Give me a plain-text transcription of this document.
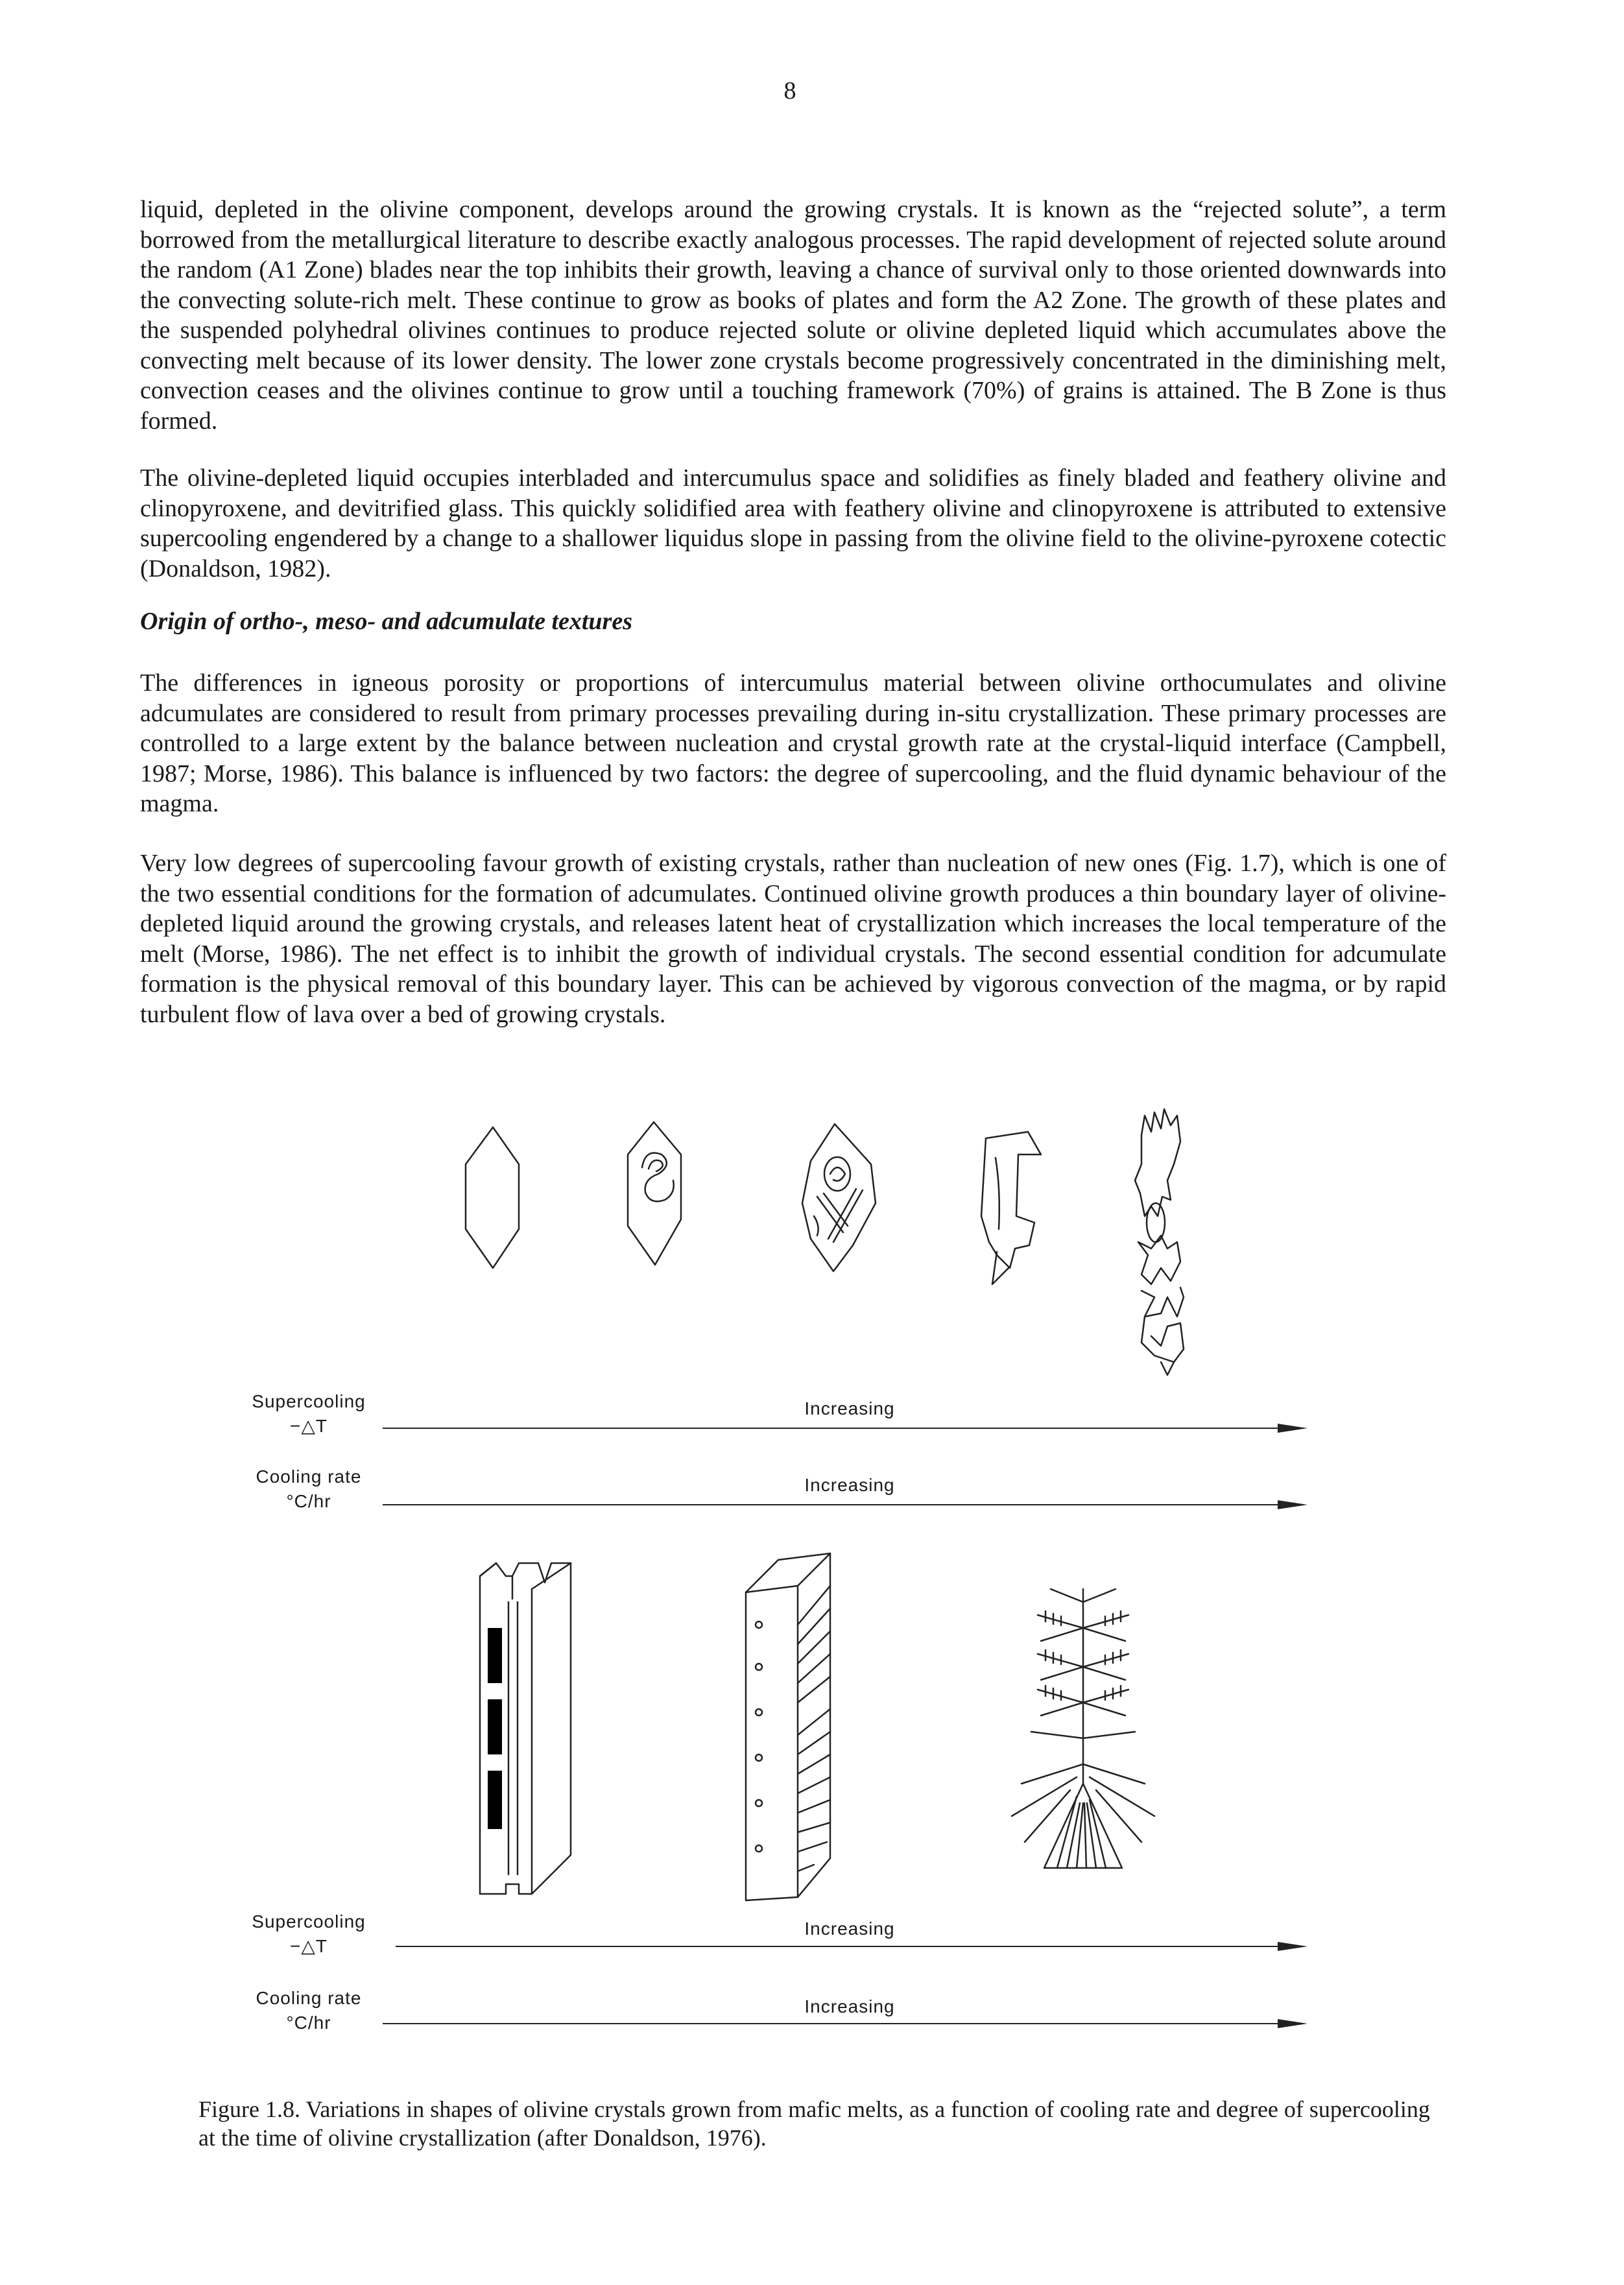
8

liquid, depleted in the olivine component, develops around the growing crystals. It is known as the “rejected solute”, a term borrowed from the metallurgical literature to describe exactly analogous processes. The rapid development of rejected solute around the random (A1 Zone) blades near the top inhibits their growth, leaving a chance of survival only to those oriented downwards into the convecting solute-rich melt. These continue to grow as books of plates and form the A2 Zone. The growth of these plates and the suspended polyhedral olivines continues to produce rejected solute or olivine depleted liquid which accumulates above the convecting melt because of its lower density. The lower zone crystals become progressively concentrated in the diminishing melt, convection ceases and the olivines continue to grow until a touching framework (70%) of grains is attained. The B Zone is thus formed.

The olivine-depleted liquid occupies interbladed and intercumulus space and solidifies as finely bladed and feathery olivine and clinopyroxene, and devitrified glass. This quickly solidified area with feathery olivine and clinopyroxene is attributed to extensive supercooling engendered by a change to a shallower liquidus slope in passing from the olivine field to the olivine-pyroxene cotectic (Donaldson, 1982).

Origin of ortho-, meso- and adcumulate textures

The differences in igneous porosity or proportions of intercumulus material between olivine orthocumulates and olivine adcumulates are considered to result from primary processes prevailing during in-situ crystallization. These primary processes are controlled to a large extent by the balance between nucleation and crystal growth rate at the crystal-liquid interface (Campbell, 1987; Morse, 1986). This balance is influenced by two factors: the degree of supercooling, and the fluid dynamic behaviour of the magma.

Very low degrees of supercooling favour growth of existing crystals, rather than nucleation of new ones (Fig. 1.7), which is one of the two essential conditions for the formation of adcumulates. Continued olivine growth produces a thin boundary layer of olivine-depleted liquid around the growing crystals, and releases latent heat of crystallization which increases the local temperature of the melt (Morse, 1986). The net effect is to inhibit the growth of individual crystals. The second essential condition for adcumulate formation is the physical removal of this boundary layer. This can be achieved by vigorous convection of the magma, or by rapid turbulent flow of lava over a bed of growing crystals.

Supercooling
−△T
Increasing
Cooling rate
°C/hr
Increasing
Supercooling
−△T
Increasing
Cooling rate
°C/hr
Increasing

Figure 1.8. Variations in shapes of olivine crystals grown from mafic melts, as a function of cooling rate and degree of supercooling at the time of olivine crystallization (after Donaldson, 1976).
